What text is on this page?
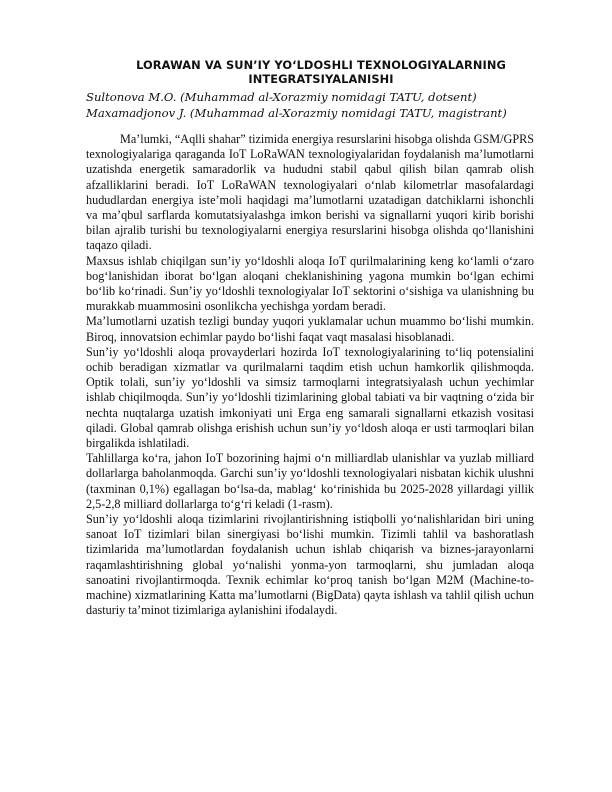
LORAWAN VA SUN’IY YO‘LDOSHLI TEXNOLOGIYALARNING
INTEGRATSIYALANISHI

Sultonova M.O. (Muhammad al-Xorazmiy nomidagi TATU, dotsent)

Maxamadjonov J. (Muhammad al-Xorazmiy nomidagi TATU, magistrant)

Ma’lumki, “Aqlli shahar” tizimida energiya resurslarini hisobga olishda GSM/GPRS texnologiyalariga qaraganda IoT LoRaWAN texnologiyalaridan foydalanish ma’lumotlarni uzatishda energetik samaradorlik va hududni stabil qabul qilish bilan qamrab olish afzalliklarini beradi. IoT LoRaWAN texnologiyalari o‘nlab kilometrlar masofalardagi hududlardan energiya iste’moli haqidagi ma’lumotlarni uzatadigan datchiklarni ishonchli va ma’qbul sarflarda komutatsiyalashga imkon berishi va signallarni yuqori kirib borishi bilan ajralib turishi bu texnologiyalarni energiya resurslarini hisobga olishda qo‘llanishini taqazo qiladi.

Maxsus ishlab chiqilgan sun’iy yo‘ldoshli aloqa IoT qurilmalarining keng ko‘lamli o‘zaro bog‘lanishidan iborat bo‘lgan aloqani cheklanishining yagona mumkin bo‘lgan echimi bo‘lib ko‘rinadi. Sun’iy yo‘ldoshli texnologiyalar IoT sektorini o‘sishiga va ulanishning bu murakkab muammosini osonlikcha yechishga yordam beradi.

Ma’lumotlarni uzatish tezligi bunday yuqori yuklamalar uchun muammo bo‘lishi mumkin. Biroq, innovatsion echimlar paydo bo‘lishi faqat vaqt masalasi hisoblanadi.

Sun’iy yo‘ldoshli aloqa provayderlari hozirda IoT texnologiyalarining to‘liq potensialini ochib beradigan xizmatlar va qurilmalarni taqdim etish uchun hamkorlik qilishmoqda. Optik tolali, sun’iy yo‘ldoshli va simsiz tarmoqlarni integratsiyalash uchun yechimlar ishlab chiqilmoqda. Sun’iy yo‘ldoshli tizimlarining global tabiati va bir vaqtning o‘zida bir nechta nuqtalarga uzatish imkoniyati uni Erga eng samarali signallarni etkazish vositasi qiladi. Global qamrab olishga erishish uchun sun’iy yo‘ldosh aloqa er usti tarmoqlari bilan birgalikda ishlatiladi.

Tahlillarga ko‘ra, jahon IoT bozorining hajmi o‘n milliardlab ulanishlar va yuzlab milliard dollarlarga baholanmoqda. Garchi sun’iy yo‘ldoshli texnologiyalari nisbatan kichik ulushni (taxminan 0,1%) egallagan bo‘lsa-da, mablag‘ ko‘rinishida bu 2025-2028 yillardagi yillik 2,5-2,8 milliard dollarlarga to‘g‘ri keladi (1-rasm).

Sun’iy yo‘ldoshli aloqa tizimlarini rivojlantirishning istiqbolli yo‘nalishlaridan biri uning sanoat IoT tizimlari bilan sinergiyasi bo‘lishi mumkin. Tizimli tahlil va bashoratlash tizimlarida ma’lumotlardan foydalanish uchun ishlab chiqarish va biznes-jarayonlarni raqamlashtirishning global yo‘nalishi yonma-yon tarmoqlarni, shu jumladan aloqa sanoatini rivojlantirmoqda. Texnik echimlar ko‘proq tanish bo‘lgan M2M (Machine-to-machine) xizmatlarining Katta ma’lumotlarni (BigData) qayta ishlash va tahlil qilish uchun dasturiy ta’minot tizimlariga aylanishini ifodalaydi.
